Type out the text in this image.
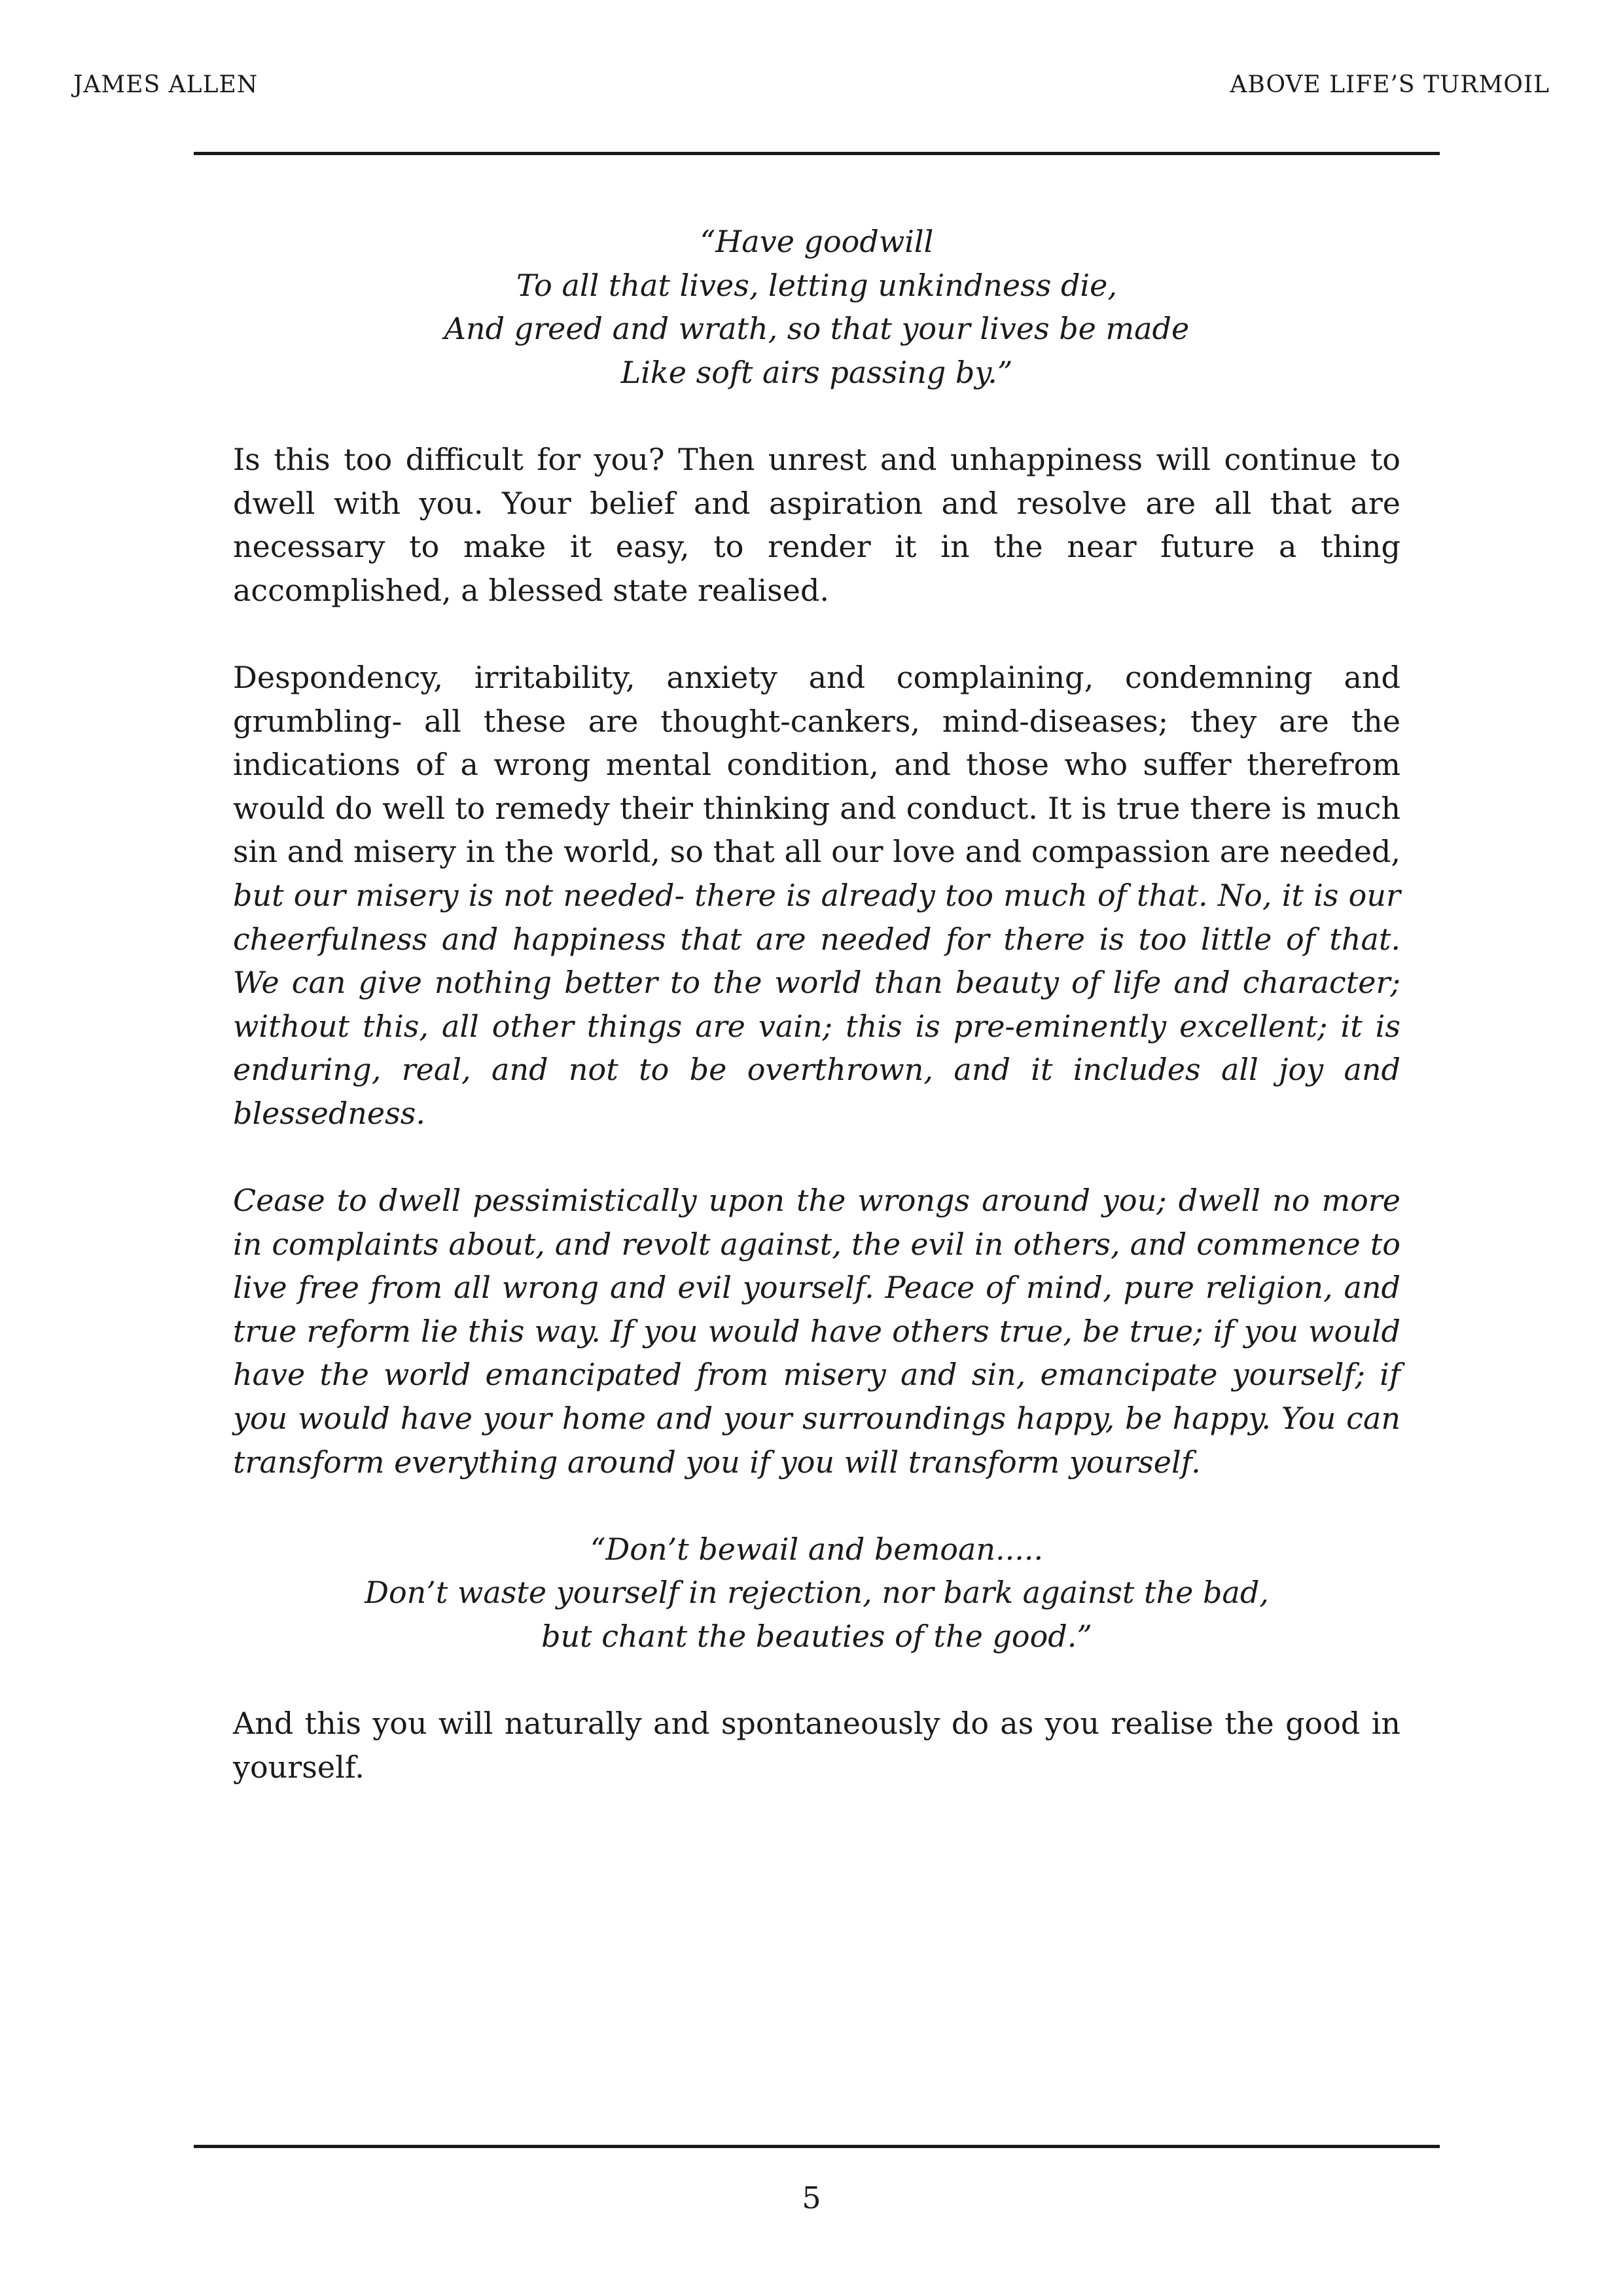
JAMES ALLEN	ABOVE LIFE’S TURMOIL
“Have goodwill
To all that lives, letting unkindness die,
And greed and wrath, so that your lives be made
Like soft airs passing by.”

Is this too difficult for you? Then unrest and unhappiness will continue to dwell with you. Your belief and aspiration and resolve are all that are necessary to make it easy, to render it in the near future a thing accomplished, a blessed state realised.

Despondency, irritability, anxiety and complaining, condemning and grumbling- all these are thought-cankers, mind-diseases; they are the indications of a wrong mental condition, and those who suffer therefrom would do well to remedy their thinking and conduct. It is true there is much sin and misery in the world, so that all our love and compassion are needed, but our misery is not needed- there is already too much of that. No, it is our cheerfulness and happiness that are needed for there is too little of that. We can give nothing better to the world than beauty of life and character; without this, all other things are vain; this is pre-eminently excellent; it is enduring, real, and not to be overthrown, and it includes all joy and blessedness.

Cease to dwell pessimistically upon the wrongs around you; dwell no more in complaints about, and revolt against, the evil in others, and commence to live free from all wrong and evil yourself. Peace of mind, pure religion, and true reform lie this way. If you would have others true, be true; if you would have the world emancipated from misery and sin, emancipate yourself; if you would have your home and your surroundings happy, be happy. You can transform everything around you if you will transform yourself.

“Don’t bewail and bemoan.....
Don’t waste yourself in rejection, nor bark against the bad,
but chant the beauties of the good.”

And this you will naturally and spontaneously do as you realise the good in yourself.

5
